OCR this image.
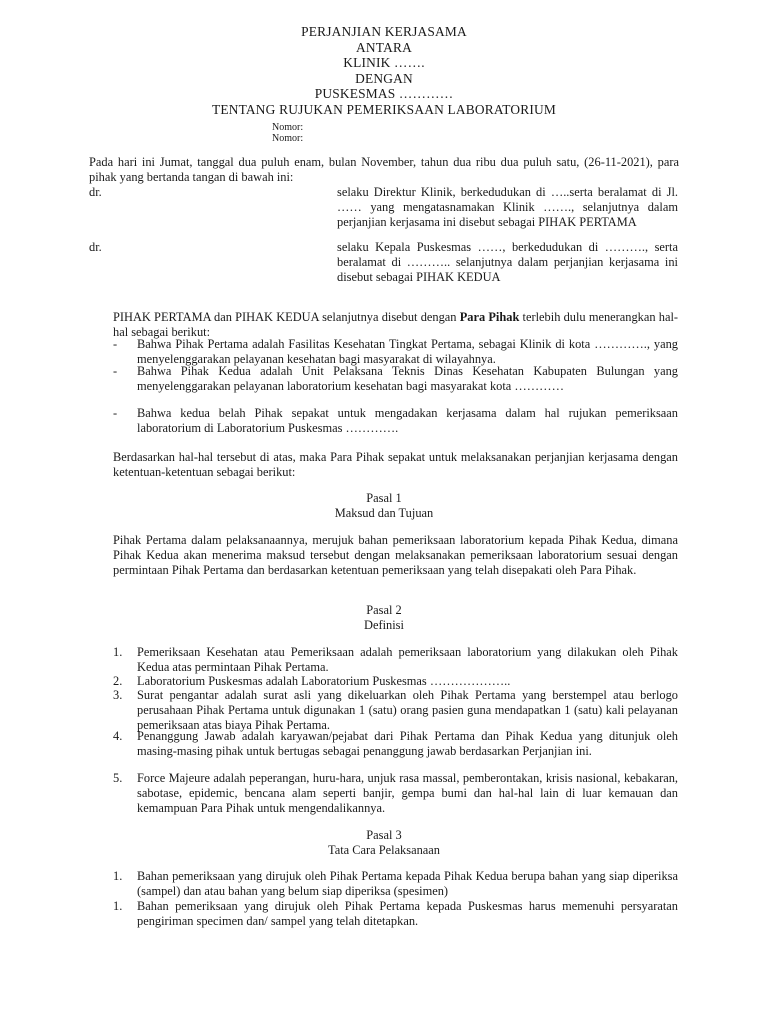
PERJANJIAN KERJASAMA
ANTARA
KLINIK …….
DENGAN
PUSKESMAS …………
TENTANG RUJUKAN PEMERIKSAAN LABORATORIUM
Nomor:
Nomor:
Pada hari ini Jumat, tanggal dua puluh enam, bulan November, tahun dua ribu dua puluh satu, (26-11-2021), para pihak yang bertanda tangan di bawah ini:
dr.	selaku Direktur Klinik, berkedudukan di …..serta beralamat di Jl. …… yang mengatasnamakan Klinik ……., selanjutnya dalam perjanjian kerjasama ini disebut sebagai PIHAK PERTAMA
dr.	selaku Kepala Puskesmas ……, berkedudukan di ………., serta beralamat di ……….. selanjutnya dalam perjanjian kerjasama ini disebut sebagai PIHAK KEDUA
PIHAK PERTAMA dan PIHAK KEDUA selanjutnya disebut dengan Para Pihak terlebih dulu menerangkan hal-hal sebagai berikut:
- Bahwa Pihak Pertama adalah Fasilitas Kesehatan Tingkat Pertama, sebagai Klinik di kota …………., yang menyelenggarakan pelayanan kesehatan bagi masyarakat di wilayahnya.
- Bahwa Pihak Kedua adalah Unit Pelaksana Teknis Dinas Kesehatan Kabupaten Bulungan yang menyelenggarakan pelayanan laboratorium kesehatan bagi masyarakat kota …………
- Bahwa kedua belah Pihak sepakat untuk mengadakan kerjasama dalam hal rujukan pemeriksaan laboratorium di Laboratorium Puskesmas ………….
Berdasarkan hal-hal tersebut di atas, maka Para Pihak sepakat untuk melaksanakan perjanjian kerjasama dengan ketentuan-ketentuan sebagai berikut:
Pasal 1
Maksud dan Tujuan
Pihak Pertama dalam pelaksanaannya, merujuk bahan pemeriksaan laboratorium kepada Pihak Kedua, dimana Pihak Kedua akan menerima maksud tersebut dengan melaksanakan pemeriksaan laboratorium sesuai dengan permintaan Pihak Pertama dan berdasarkan ketentuan pemeriksaan yang telah disepakati oleh Para Pihak.
Pasal 2
Definisi
1. Pemeriksaan Kesehatan atau Pemeriksaan adalah pemeriksaan laboratorium yang dilakukan oleh Pihak Kedua atas permintaan Pihak Pertama.
2. Laboratorium Puskesmas adalah Laboratorium Puskesmas ………………..
3. Surat pengantar adalah surat asli yang dikeluarkan oleh Pihak Pertama yang berstempel atau berlogo perusahaan Pihak Pertama untuk digunakan 1 (satu) orang pasien guna mendapatkan 1 (satu) kali pelayanan pemeriksaan atas biaya Pihak Pertama.
4. Penanggung Jawab adalah karyawan/pejabat dari Pihak Pertama dan Pihak Kedua yang ditunjuk oleh masing-masing pihak untuk bertugas sebagai penanggung jawab berdasarkan Perjanjian ini.
5. Force Majeure adalah peperangan, huru-hara, unjuk rasa massal, pemberontakan, krisis nasional, kebakaran, sabotase, epidemic, bencana alam seperti banjir, gempa bumi dan hal-hal lain di luar kemauan dan kemampuan Para Pihak untuk mengendalikannya.
Pasal 3
Tata Cara Pelaksanaan
1. Bahan pemeriksaan yang dirujuk oleh Pihak Pertama kepada Pihak Kedua berupa bahan yang siap diperiksa (sampel) dan atau bahan yang belum siap diperiksa (spesimen)
1. Bahan pemeriksaan yang dirujuk oleh Pihak Pertama kepada Puskesmas harus memenuhi persyaratan pengiriman specimen dan/ sampel yang telah ditetapkan.
